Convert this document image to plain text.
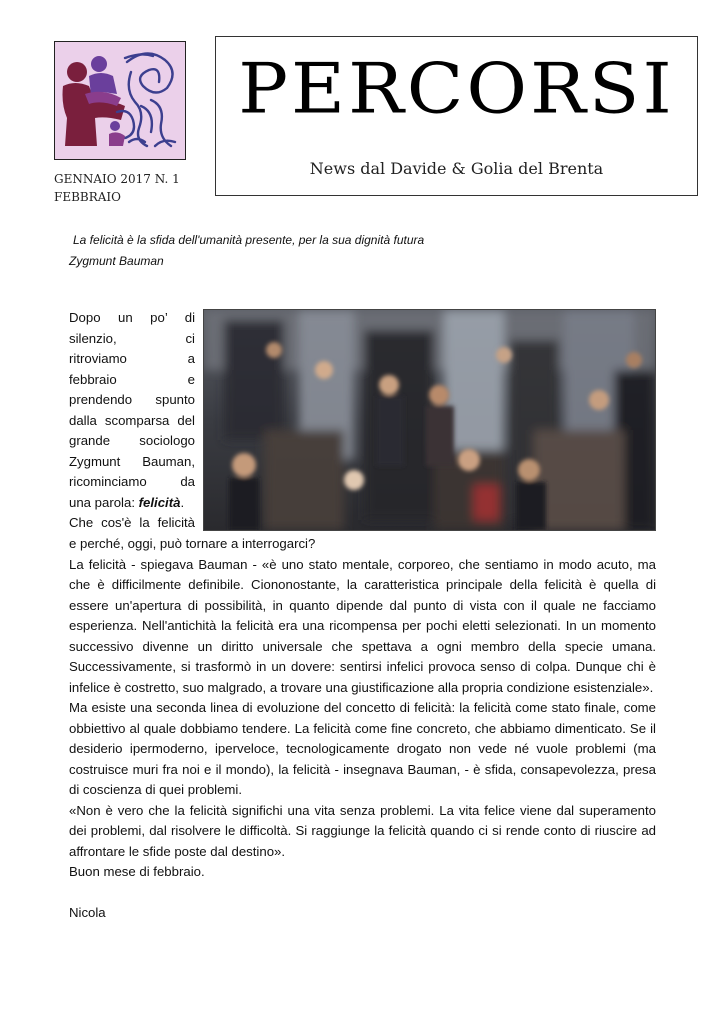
GENNAIO 2017 N. 1
FEBBRAIO
PERCORSI
News dal Davide & Golia del Brenta
La felicità è la sfida dell'umanità presente, per la sua dignità futura
Zygmunt Bauman
Dopo un po’ di
silenzio, ci
ritroviamo a
febbraio e
prendendo spunto
dalla scomparsa del
grande sociologo
Zygmunt Bauman,
ricominciamo da
una parola: felicità.
Che cos'è la felicità

e perché, oggi, può tornare a interrogarci?

La felicità - spiegava Bauman - «è uno stato mentale, corporeo, che sentiamo in modo acuto, ma che è difficilmente definibile. Ciononostante, la caratteristica principale della felicità è quella di essere un'apertura di possibilità, in quanto dipende dal punto di vista con il quale ne facciamo esperienza. Nell'antichità la felicità era una ricompensa per pochi eletti selezionati. In un momento successivo divenne un diritto universale che spettava a ogni membro della specie umana. Successivamente, si trasformò in un dovere: sentirsi infelici provoca senso di colpa. Dunque chi è infelice è costretto, suo malgrado, a trovare una giustificazione alla propria condizione esistenziale».

Ma esiste una seconda linea di evoluzione del concetto di felicità: la felicità come stato finale, come obbiettivo al quale dobbiamo tendere. La felicità come fine concreto, che abbiamo dimenticato. Se il desiderio ipermoderno, iperveloce, tecnologicamente drogato non vede né vuole problemi (ma costruisce muri fra noi e il mondo), la felicità - insegnava Bauman, - è sfida, consapevolezza, presa di coscienza di quei problemi.

«Non è vero che la felicità significhi una vita senza problemi. La vita felice viene dal superamento dei problemi, dal risolvere le difficoltà. Si raggiunge la felicità quando ci si rende conto di riuscire ad affrontare le sfide poste dal destino».

Buon mese di febbraio.

Nicola
